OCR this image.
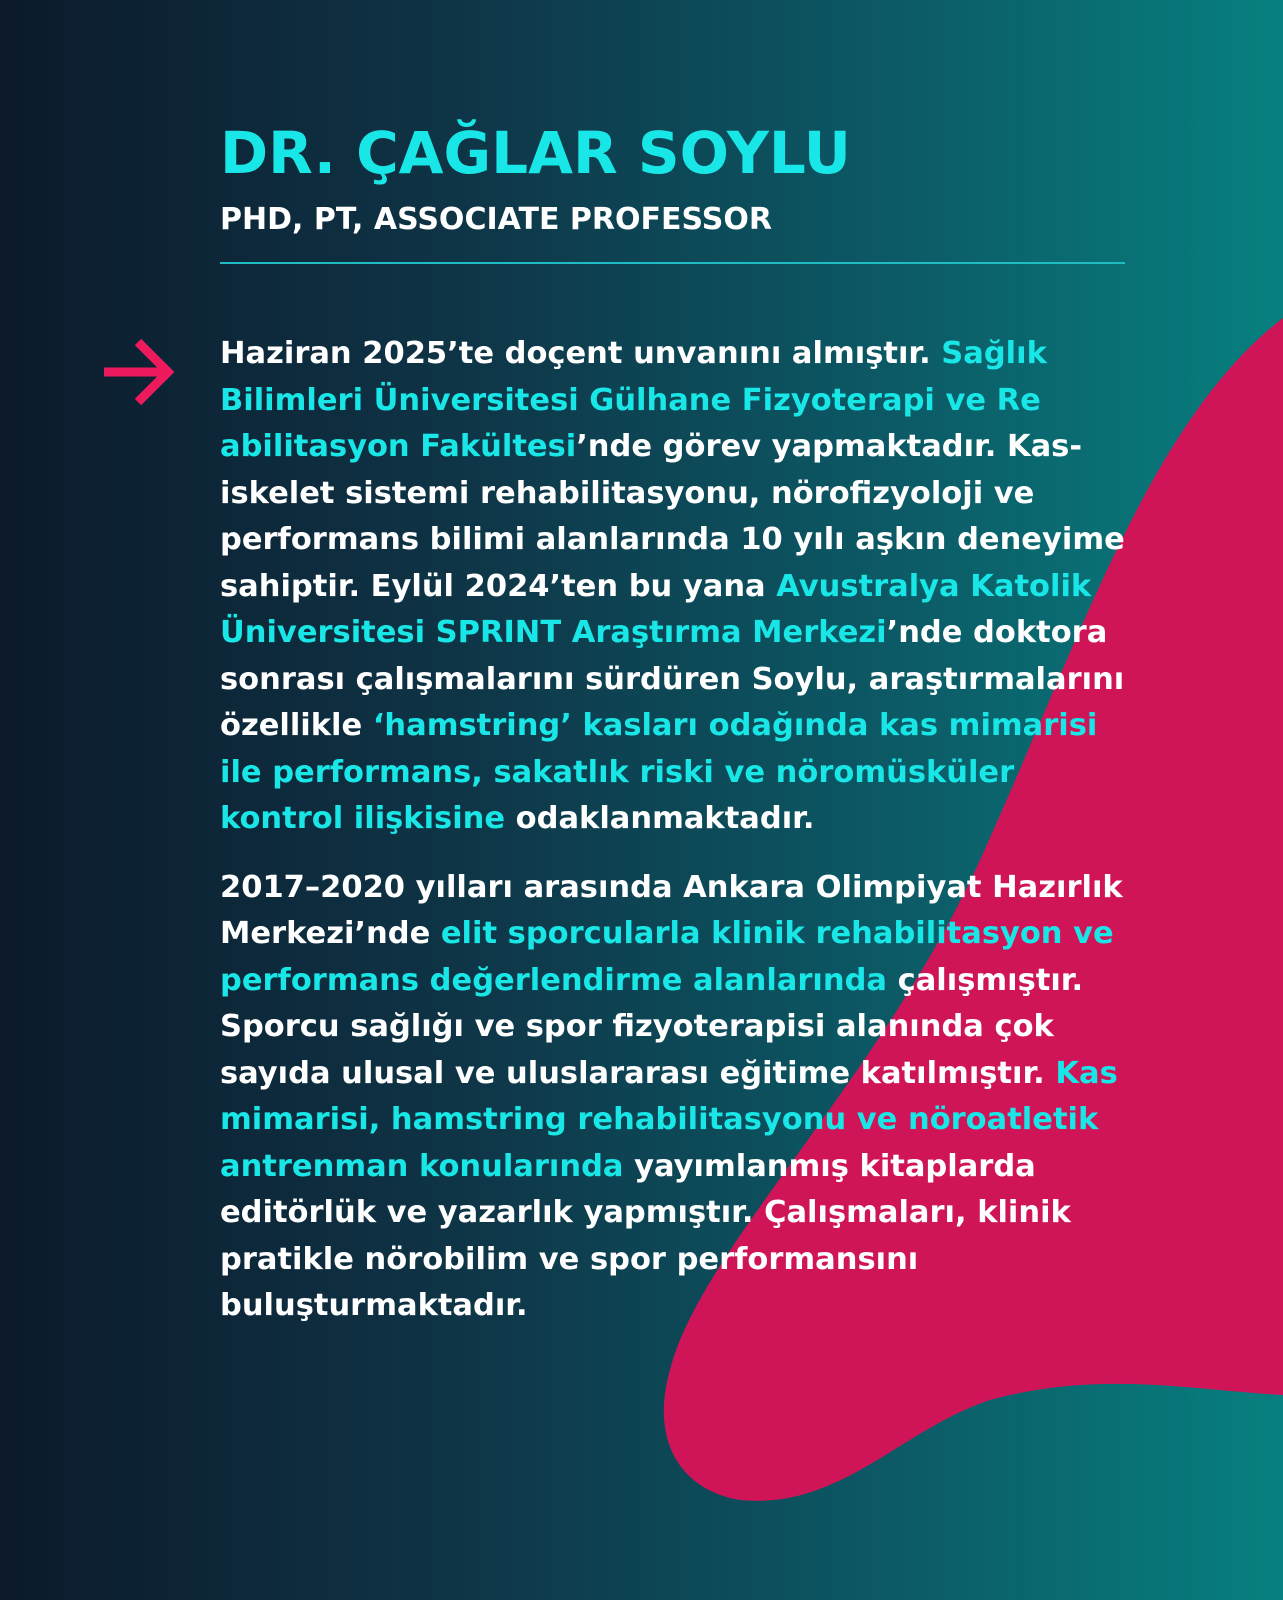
DR. ÇAĞLAR SOYLU
PHD, PT, ASSOCIATE PROFESSOR

Haziran 2025’te doçent unvanını almıştır. Sağlık Bilimleri Üniversitesi Gülhane Fizyoterapi ve Re abilitasyon Fakültesi’nde görev yapmaktadır. Kas-iskelet sistemi rehabilitasyonu, nörofizyoloji ve performans bilimi alanlarında 10 yılı aşkın deneyime sahiptir. Eylül 2024’ten bu yana Avustralya Katolik Üniversitesi SPRINT Araştırma Merkezi’nde doktora sonrası çalışmalarını sürdüren Soylu, araştırmalarını özellikle ‘hamstring’ kasları odağında kas mimarisi ile performans, sakatlık riski ve nöromüsküler kontrol ilişkisine odaklanmaktadır.

2017–2020 yılları arasında Ankara Olimpiyat Hazırlık Merkezi’nde elit sporcularla klinik rehabilitasyon ve performans değerlendirme alanlarında çalışmıştır. Sporcu sağlığı ve spor fizyoterapisi alanında çok sayıda ulusal ve uluslararası eğitime katılmıştır. Kas mimarisi, hamstring rehabilitasyonu ve nöroatletik antrenman konularında yayımlanmış kitaplarda editörlük ve yazarlık yapmıştır. Çalışmaları, klinik pratikle nörobilim ve spor performansını buluşturmaktadır.
